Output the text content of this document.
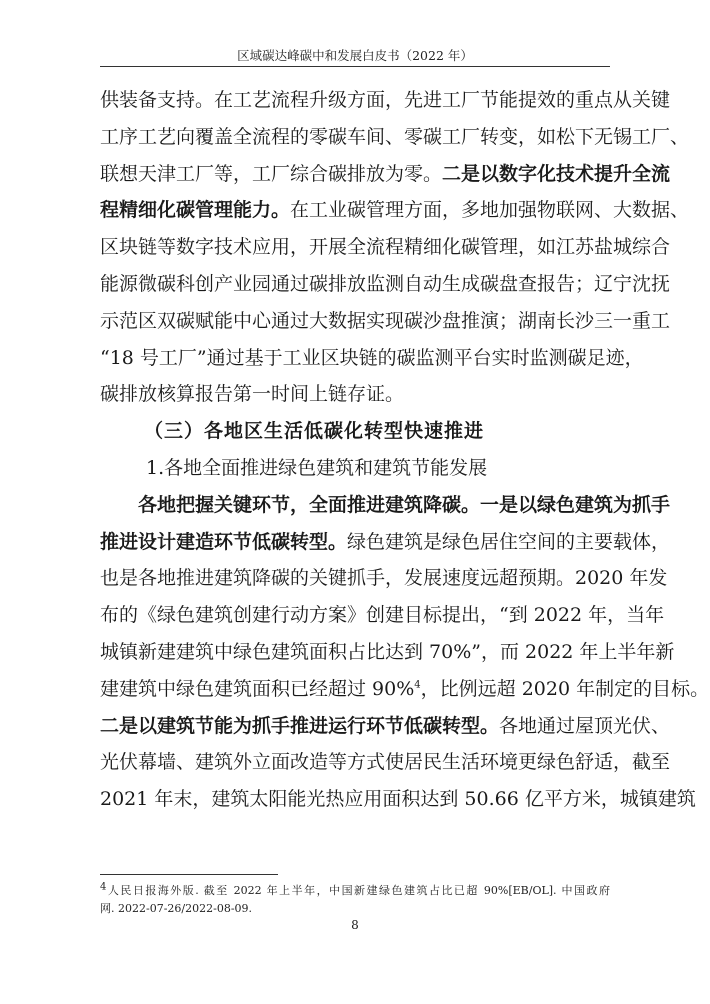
区域碳达峰碳中和发展白皮书（2022 年）
供装备支持。在工艺流程升级方面，先进工厂节能提效的重点从关键
工序工艺向覆盖全流程的零碳车间、零碳工厂转变，如松下无锡工厂、
联想天津工厂等，工厂综合碳排放为零。二是以数字化技术提升全流
程精细化碳管理能力。在工业碳管理方面，多地加强物联网、大数据、
区块链等数字技术应用，开展全流程精细化碳管理，如江苏盐城综合
能源微碳科创产业园通过碳排放监测自动生成碳盘查报告；辽宁沈抚
示范区双碳赋能中心通过大数据实现碳沙盘推演；湖南长沙三一重工
“18 号工厂”通过基于工业区块链的碳监测平台实时监测碳足迹，
碳排放核算报告第一时间上链存证。
（三）各地区生活低碳化转型快速推进
1.各地全面推进绿色建筑和建筑节能发展
各地把握关键环节，全面推进建筑降碳。一是以绿色建筑为抓手
推进设计建造环节低碳转型。绿色建筑是绿色居住空间的主要载体，
也是各地推进建筑降碳的关键抓手，发展速度远超预期。2020 年发
布的《绿色建筑创建行动方案》创建目标提出，“到 2022 年，当年
城镇新建建筑中绿色建筑面积占比达到 70%”，而 2022 年上半年新
建建筑中绿色建筑面积已经超过 90%$^4$，比例远超 2020 年制定的目标。
二是以建筑节能为抓手推进运行环节低碳转型。各地通过屋顶光伏、
光伏幕墙、建筑外立面改造等方式使居民生活环境更绿色舒适，截至
2021 年末，建筑太阳能光热应用面积达到 50.66 亿平方米，城镇建筑
$^4$人民日报海外版. 截至 2022 年上半年，中国新建绿色建筑占比已超 90%[EB/OL]. 中国政府
网. 2022-07-26/2022-08-09.
8
